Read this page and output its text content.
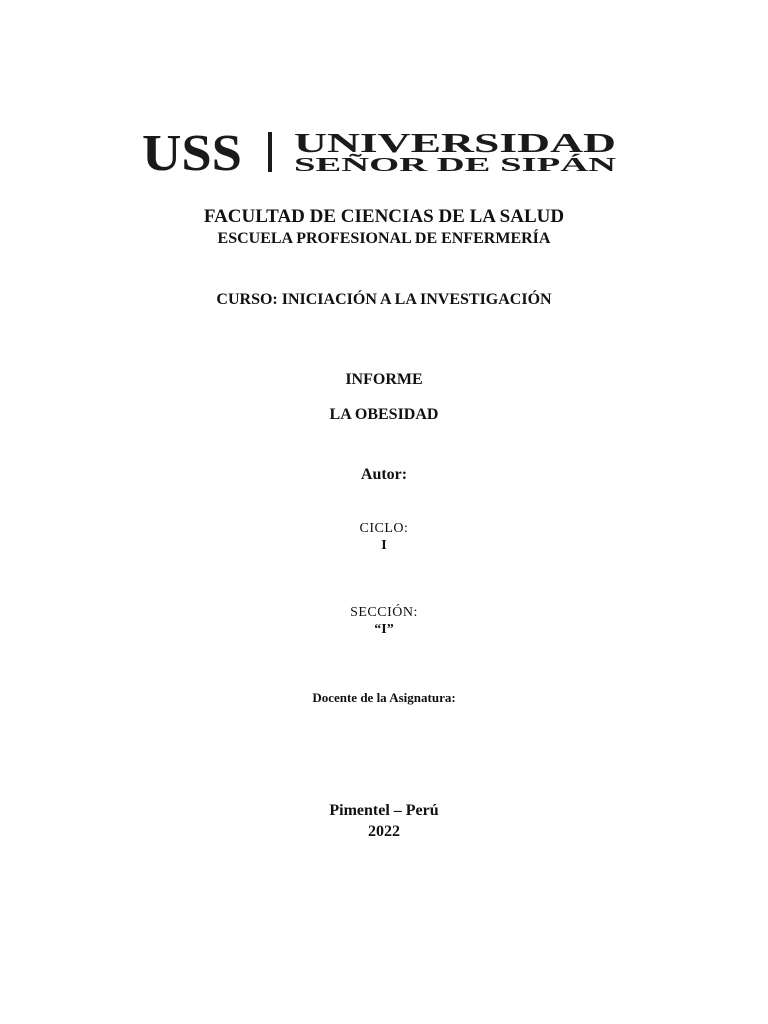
USS UNIVERSIDAD
SEÑOR DE SIPÁN
FACULTAD DE CIENCIAS DE LA SALUD
ESCUELA PROFESIONAL DE ENFERMERÍA
CURSO: INICIACIÓN A LA INVESTIGACIÓN
INFORME
LA OBESIDAD
Autor:
CICLO:
I
SECCIÓN:
“I”
Docente de la Asignatura:
Pimentel – Perú
2022
